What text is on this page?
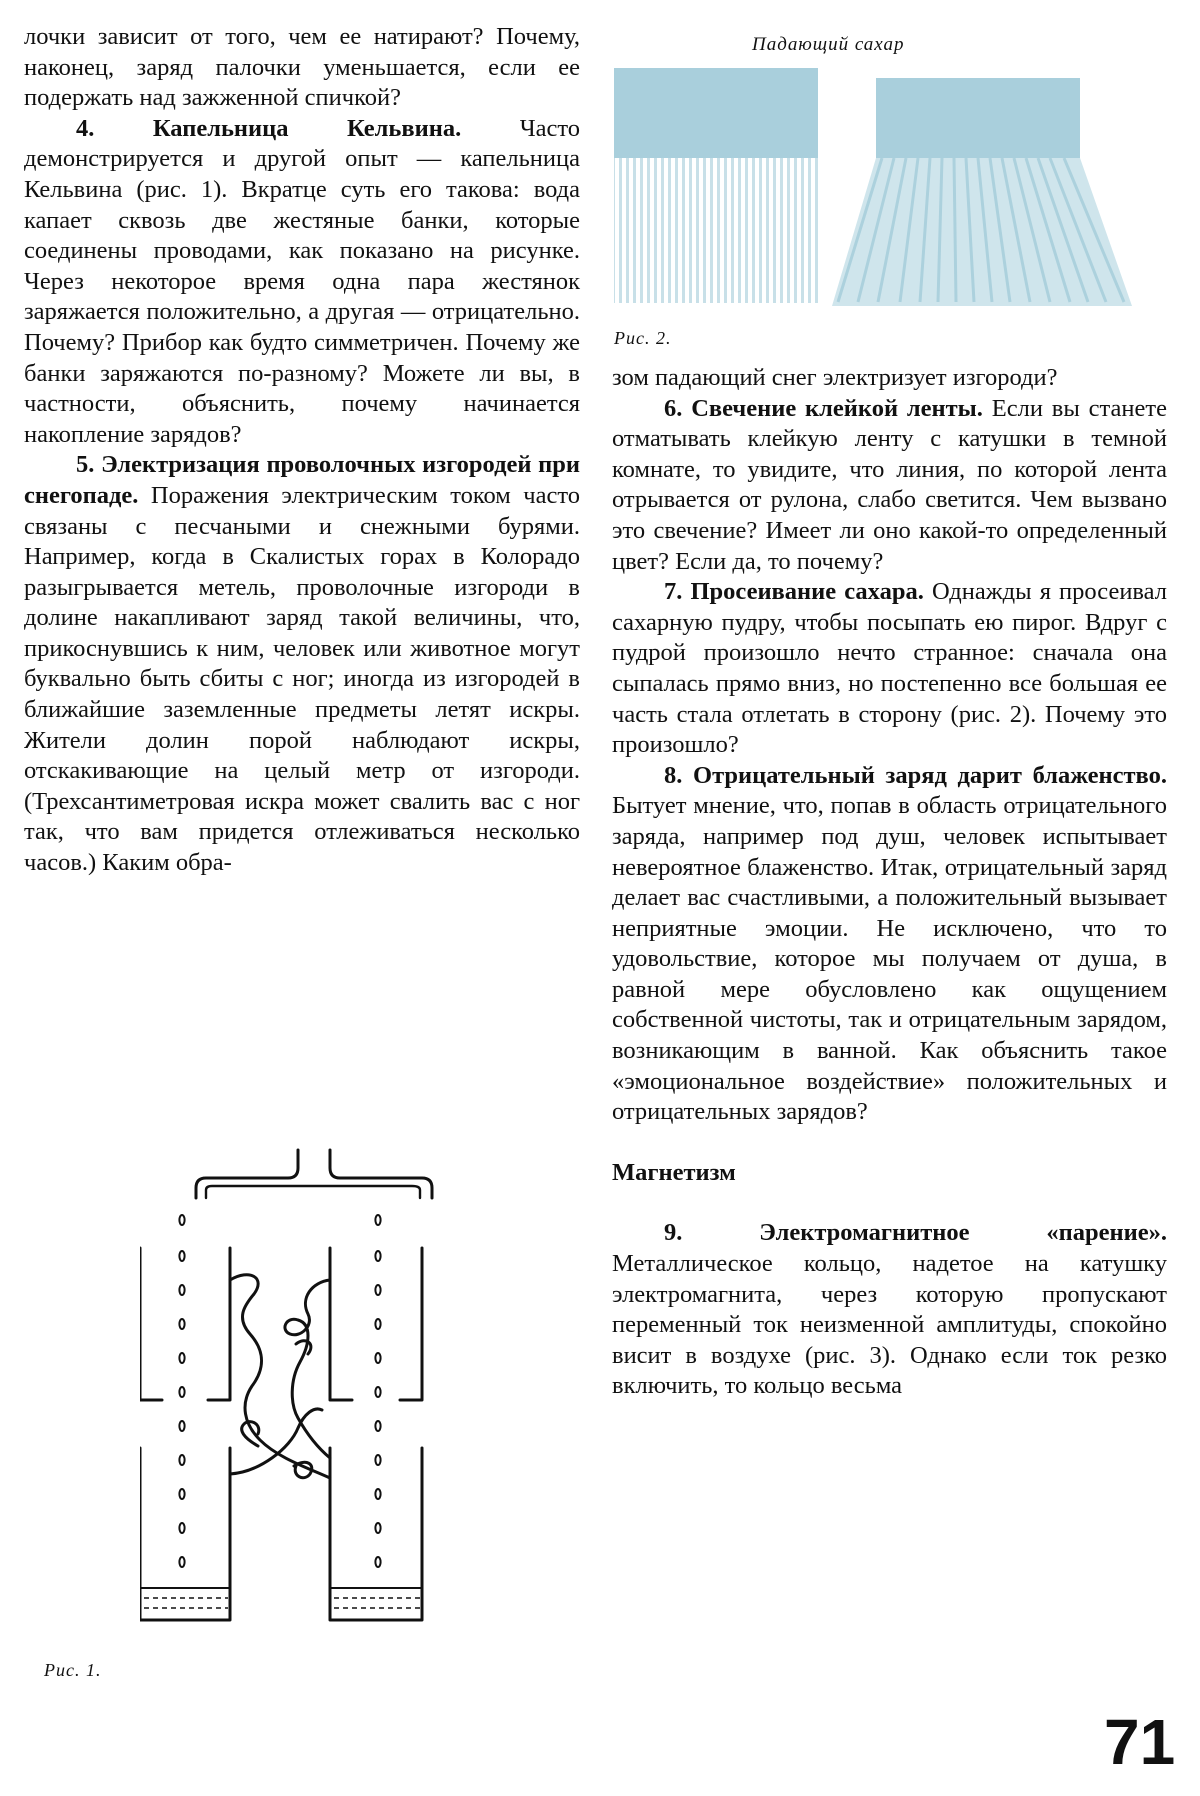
лочки зависит от того, чем ее натирают? Почему, наконец, заряд палочки уменьшается, если ее подержать над зажженной спичкой?

4. Капельница Кельвина. Часто демонстрируется и другой опыт — капельница Кельвина (рис. 1). Вкратце суть его такова: вода капает сквозь две жестяные банки, которые соединены проводами, как показано на рисунке. Через некоторое время одна пара жестянок заряжается положительно, а другая — отрицательно. Почему? Прибор как будто симметричен. Почему же банки заряжаются по-разному? Можете ли вы, в частности, объяснить, почему начинается накопление зарядов?

5. Электризация проволочных изгородей при снегопаде. Поражения электрическим током часто связаны с песчаными и снежными бурями. Например, когда в Скалистых горах в Колорадо разыгрывается метель, проволочные изгороди в долине накапливают заряд такой величины, что, прикоснувшись к ним, человек или животное могут буквально быть сбиты с ног; иногда из изгородей в ближайшие заземленные предметы летят искры. Жители долин порой наблюдают искры, отскакивающие на целый метр от изгороди. (Трехсантиметровая искра может свалить вас с ног так, что вам придется отлеживаться несколько часов.) Каким обра-

Падающий сахар
Рис. 2.

зом падающий снег электризует изгороди?

6. Свечение клейкой ленты. Если вы станете отматывать клейкую ленту с катушки в темной комнате, то увидите, что линия, по которой лента отрывается от рулона, слабо светится. Чем вызвано это свечение? Имеет ли оно какой-то определенный цвет? Если да, то почему?

7. Просеивание сахара. Однажды я просеивал сахарную пудру, чтобы посыпать ею пирог. Вдруг с пудрой произошло нечто странное: сначала она сыпалась прямо вниз, но постепенно все большая ее часть стала отлетать в сторону (рис. 2). Почему это произошло?

8. Отрицательный заряд дарит блаженство. Бытует мнение, что, попав в область отрицательного заряда, например под душ, человек испытывает невероятное блаженство. Итак, отрицательный заряд делает вас счастливыми, а положительный вызывает неприятные эмоции. Не исключено, что то удовольствие, которое мы получаем от душа, в равной мере обусловлено как ощущением собственной чистоты, так и отрицательным зарядом, возникающим в ванной. Как объяснить такое «эмоциональное воздействие» положительных и отрицательных зарядов?

Магнетизм

9. Электромагнитное «парение». Металлическое кольцо, надетое на катушку электромагнита, через которую пропускают переменный ток неизменной амплитуды, спокойно висит в воздухе (рис. 3). Однако если ток резко включить, то кольцо весьма

Рис. 1.
71
